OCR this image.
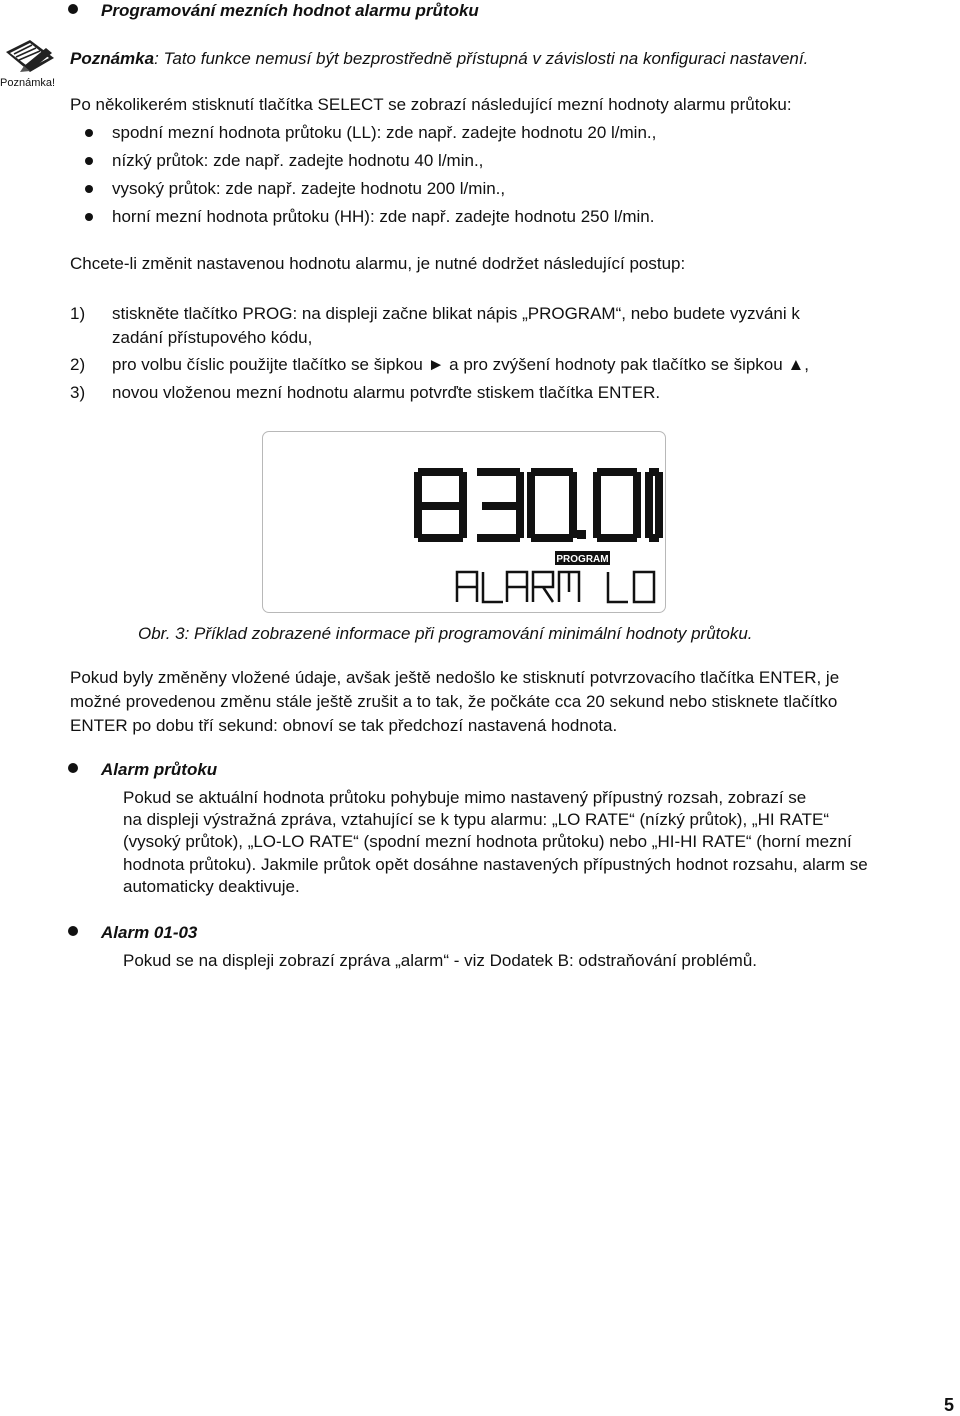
Programování mezních hodnot alarmu průtoku
Poznámka!
Poznámka: Tato funkce nemusí být bezprostředně přístupná v závislosti na konfiguraci nastavení.
Po několikerém stisknutí tlačítka SELECT se zobrazí následující mezní hodnoty alarmu průtoku:
spodní mezní hodnota průtoku (LL): zde např. zadejte hodnotu 20 l/min.,
nízký průtok: zde např. zadejte hodnotu 40 l/min.,
vysoký průtok: zde např. zadejte hodnotu 200 l/min.,
horní mezní hodnota průtoku (HH): zde např. zadejte hodnotu 250 l/min.
Chcete-li změnit nastavenou hodnotu alarmu, je nutné dodržet následující postup:
1) stiskněte tlačítko PROG: na displeji začne blikat nápis „PROGRAM“, nebo budete vyzváni k
zadání přístupového kódu,
2) pro volbu číslic použijte tlačítko se šipkou ► a pro zvýšení hodnoty pak tlačítko se šipkou ▲,
3) novou vloženou mezní hodnotu alarmu potvrďte stiskem tlačítka ENTER.
PROGRAM
Obr. 3: Příklad zobrazené informace při programování minimální hodnoty průtoku.
Pokud byly změněny vložené údaje, avšak ještě nedošlo ke stisknutí potvrzovacího tlačítka ENTER, je
možné provedenou změnu stále ještě zrušit a to tak, že počkáte cca 20 sekund nebo stisknete tlačítko
ENTER po dobu tří sekund: obnoví se tak předchozí nastavená hodnota.
Alarm průtoku
Pokud se aktuální hodnota průtoku pohybuje mimo nastavený přípustný rozsah, zobrazí se
na displeji výstražná zpráva, vztahující se k typu alarmu: „LO RATE“ (nízký průtok), „HI RATE“
(vysoký průtok), „LO-LO RATE“ (spodní mezní hodnota průtoku) nebo „HI-HI RATE“ (horní mezní
hodnota průtoku). Jakmile průtok opět dosáhne nastavených přípustných hodnot rozsahu, alarm se
automaticky deaktivuje.
Alarm 01-03
Pokud se na displeji zobrazí zpráva „alarm“ - viz Dodatek B: odstraňování problémů.
5
